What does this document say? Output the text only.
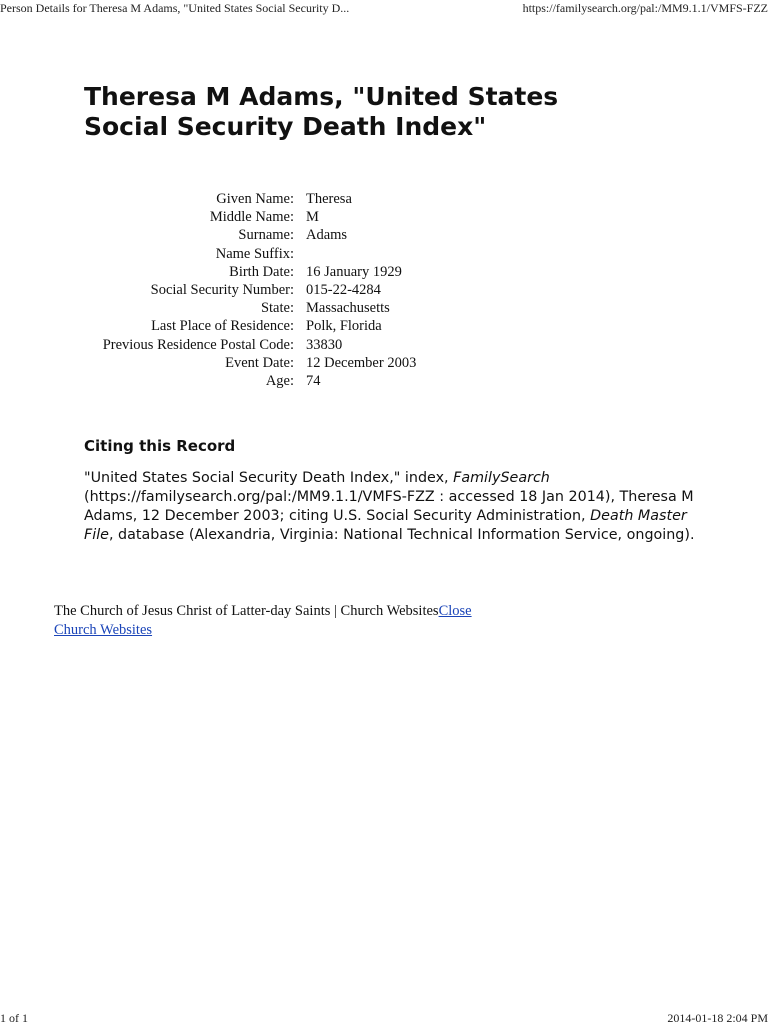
Person Details for Theresa M Adams, "United States Social Security D...	https://familysearch.org/pal:/MM9.1.1/VMFS-FZZ
Theresa M Adams, "United States Social Security Death Index"
Given Name:	Theresa
Middle Name:	M
Surname:	Adams
Name Suffix:	
Birth Date:	16 January 1929
Social Security Number:	015-22-4284
State:	Massachusetts
Last Place of Residence:	Polk, Florida
Previous Residence Postal Code:	33830
Event Date:	12 December 2003
Age:	74
Citing this Record

"United States Social Security Death Index," index, FamilySearch (https://familysearch.org/pal:/MM9.1.1/VMFS-FZZ : accessed 18 Jan 2014), Theresa M Adams, 12 December 2003; citing U.S. Social Security Administration, Death Master File, database (Alexandria, Virginia: National Technical Information Service, ongoing).

The Church of Jesus Christ of Latter-day Saints | Church WebsitesClose
Church Websites
1 of 1	2014-01-18 2:04 PM
